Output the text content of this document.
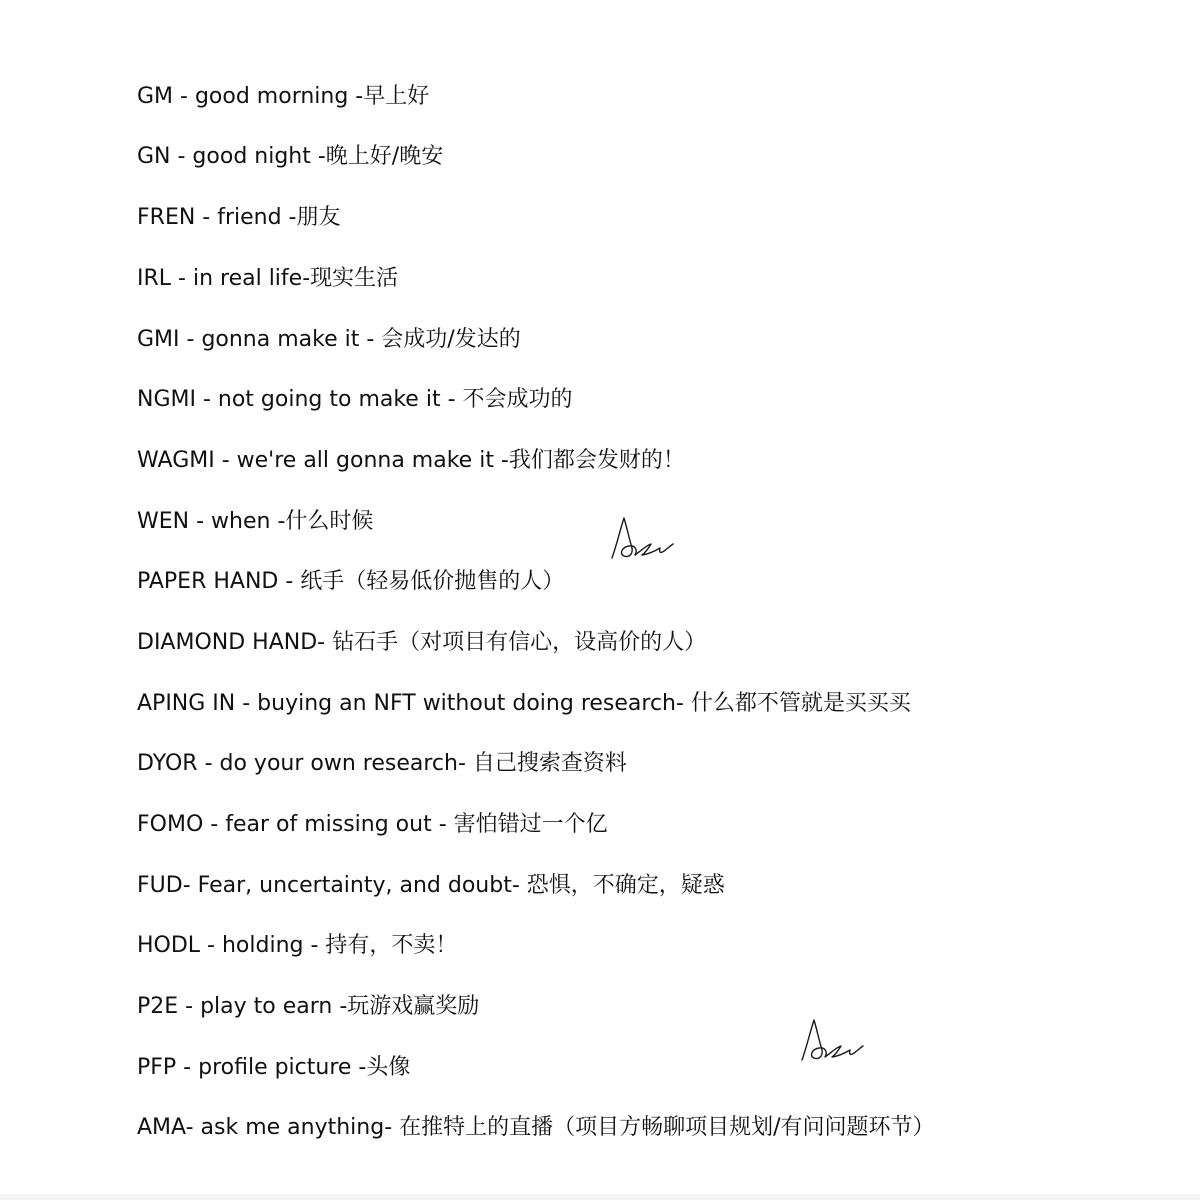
GM - good morning -早上好

GN - good night -晚上好/晚安

FREN - friend -朋友

IRL - in real life-现实生活

GMI - gonna make it - 会成功/发达的

NGMI - not going to make it - 不会成功的

WAGMI - we're all gonna make it -我们都会发财的！

WEN - when -什么时候

PAPER HAND - 纸手（轻易低价抛售的人）

DIAMOND HAND- 钻石手（对项目有信心，设高价的人）

APING IN - buying an NFT without doing research- 什么都不管就是买买买

DYOR - do your own research- 自己搜索查资料

FOMO - fear of missing out - 害怕错过一个亿

FUD- Fear, uncertainty, and doubt- 恐惧，不确定，疑惑

HODL - holding - 持有，不卖！

P2E - play to earn -玩游戏赢奖励

PFP - profile picture -头像

AMA- ask me anything- 在推特上的直播（项目方畅聊项目规划/有问问题环节）
